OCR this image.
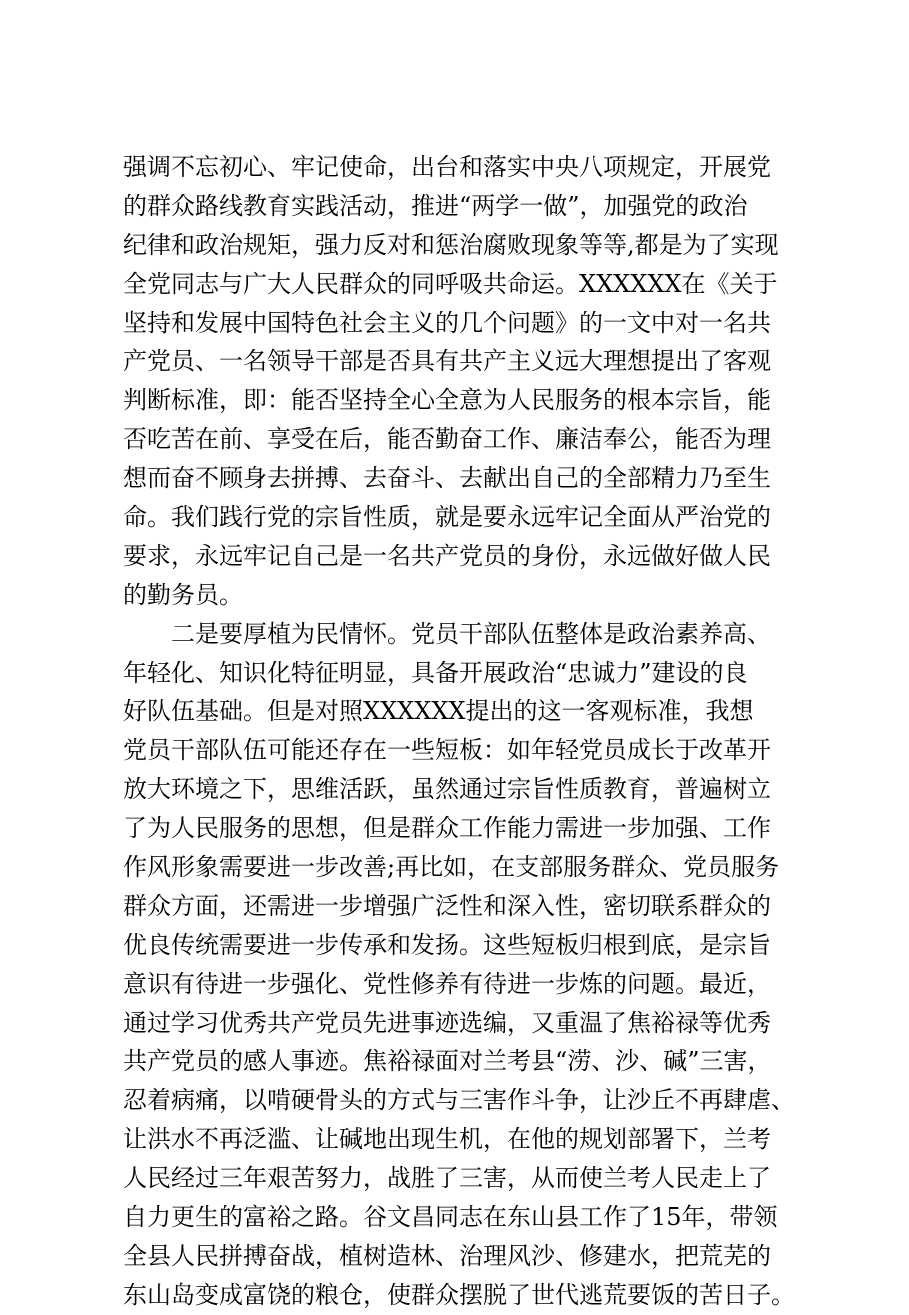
强调不忘初心、牢记使命，出台和落实中央八项规定，开展党
的群众路线教育实践活动，推进“两学一做”，加强党的政治
纪律和政治规矩，强力反对和惩治腐败现象等等,都是为了实现
全党同志与广大人民群众的同呼吸共命运。XXXXXX在《关于
坚持和发展中国特色社会主义的几个问题》的一文中对一名共
产党员、一名领导干部是否具有共产主义远大理想提出了客观
判断标准，即：能否坚持全心全意为人民服务的根本宗旨，能
否吃苦在前、享受在后，能否勤奋工作、廉洁奉公，能否为理
想而奋不顾身去拼搏、去奋斗、去献出自己的全部精力乃至生
命。我们践行党的宗旨性质，就是要永远牢记全面从严治党的
要求，永远牢记自己是一名共产党员的身份，永远做好做人民
的勤务员。
　　二是要厚植为民情怀。党员干部队伍整体是政治素养高、
年轻化、知识化特征明显，具备开展政治“忠诚力”建设的良
好队伍基础。但是对照XXXXXX提出的这一客观标准，我想
党员干部队伍可能还存在一些短板：如年轻党员成长于改革开
放大环境之下，思维活跃，虽然通过宗旨性质教育，普遍树立
了为人民服务的思想，但是群众工作能力需进一步加强、工作
作风形象需要进一步改善;再比如，在支部服务群众、党员服务
群众方面，还需进一步增强广泛性和深入性，密切联系群众的
优良传统需要进一步传承和发扬。这些短板归根到底，是宗旨
意识有待进一步强化、党性修养有待进一步炼的问题。最近，
通过学习优秀共产党员先进事迹选编，又重温了焦裕禄等优秀
共产党员的感人事迹。焦裕禄面对兰考县“涝、沙、碱”三害，
忍着病痛，以啃硬骨头的方式与三害作斗争，让沙丘不再肆虐、
让洪水不再泛滥、让碱地出现生机，在他的规划部署下，兰考
人民经过三年艰苦努力，战胜了三害，从而使兰考人民走上了
自力更生的富裕之路。谷文昌同志在东山县工作了15年，带领
全县人民拼搏奋战，植树造林、治理风沙、修建水，把荒芜的
东山岛变成富饶的粮仓，使群众摆脱了世代逃荒要饭的苦日子。
